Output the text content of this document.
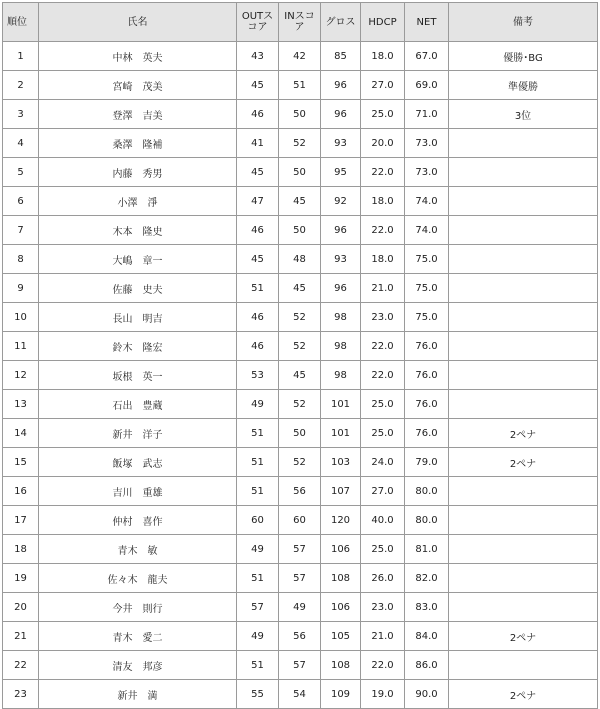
順位	氏名	OUTスコア	INスコア	グロス	HDCP	NET	備考
1	中林　英夫	43	42	85	18.0	67.0	優勝･BG
2	宮崎　茂美	45	51	96	27.0	69.0	準優勝
3	登澤　吉美	46	50	96	25.0	71.0	3位
4	桑澤　隆補	41	52	93	20.0	73.0	
5	内藤　秀男	45	50	95	22.0	73.0	
6	小澤　淨	47	45	92	18.0	74.0	
7	木本　隆史	46	50	96	22.0	74.0	
8	大嶋　章一	45	48	93	18.0	75.0	
9	佐藤　史夫	51	45	96	21.0	75.0	
10	長山　明吉	46	52	98	23.0	75.0	
11	鈴木　隆宏	46	52	98	22.0	76.0	
12	坂根　英一	53	45	98	22.0	76.0	
13	石出　豊蔵	49	52	101	25.0	76.0	
14	新井　洋子	51	50	101	25.0	76.0	2ペナ
15	飯塚　武志	51	52	103	24.0	79.0	2ペナ
16	吉川　重雄	51	56	107	27.0	80.0	
17	仲村　喜作	60	60	120	40.0	80.0	
18	青木　敏	49	57	106	25.0	81.0	
19	佐々木　龍夫	51	57	108	26.0	82.0	
20	今井　則行	57	49	106	23.0	83.0	
21	青木　愛二	49	56	105	21.0	84.0	2ペナ
22	清友　邦彦	51	57	108	22.0	86.0	
23	新井　満	55	54	109	19.0	90.0	2ペナ
